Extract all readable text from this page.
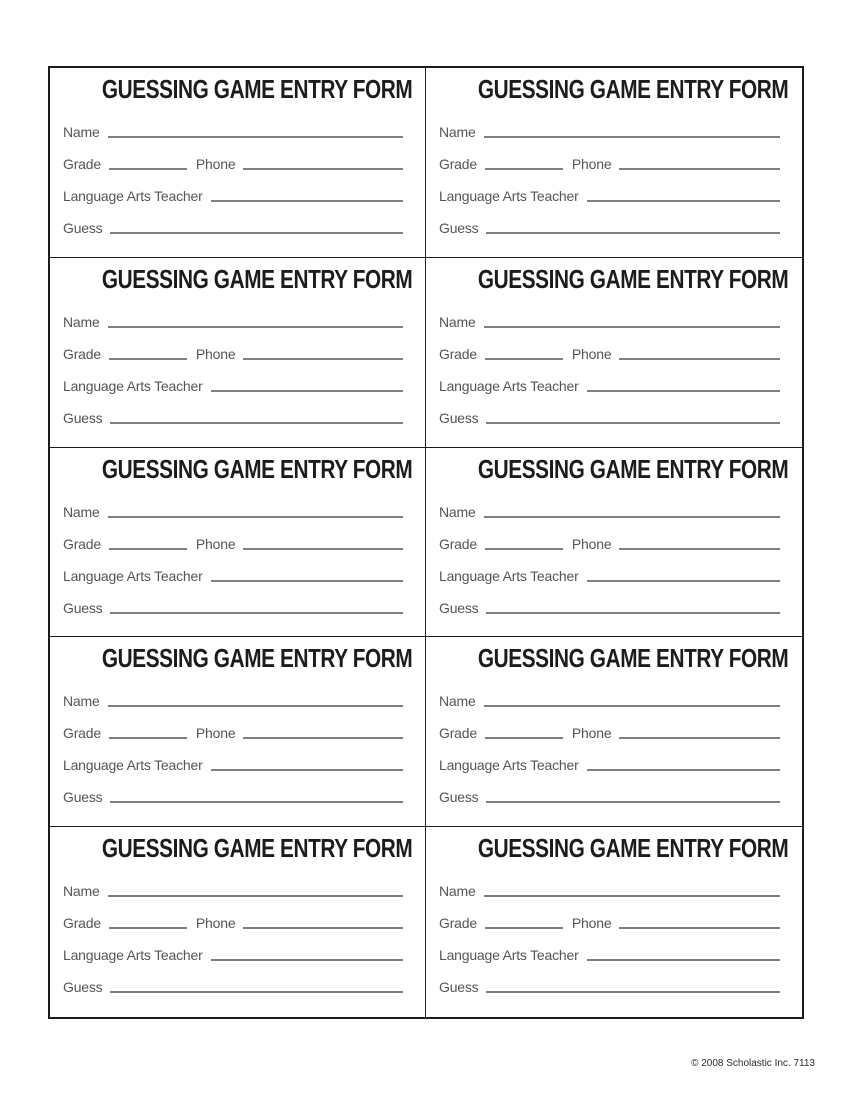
GUESSING GAME ENTRY FORM
Name
Grade	Phone
Language Arts Teacher
Guess
GUESSING GAME ENTRY FORM
Name
Grade	Phone
Language Arts Teacher
Guess
GUESSING GAME ENTRY FORM
Name
Grade	Phone
Language Arts Teacher
Guess
GUESSING GAME ENTRY FORM
Name
Grade	Phone
Language Arts Teacher
Guess
GUESSING GAME ENTRY FORM
Name
Grade	Phone
Language Arts Teacher
Guess
GUESSING GAME ENTRY FORM
Name
Grade	Phone
Language Arts Teacher
Guess
GUESSING GAME ENTRY FORM
Name
Grade	Phone
Language Arts Teacher
Guess
GUESSING GAME ENTRY FORM
Name
Grade	Phone
Language Arts Teacher
Guess
GUESSING GAME ENTRY FORM
Name
Grade	Phone
Language Arts Teacher
Guess
GUESSING GAME ENTRY FORM
Name
Grade	Phone
Language Arts Teacher
Guess
© 2008 Scholastic Inc. 7113
